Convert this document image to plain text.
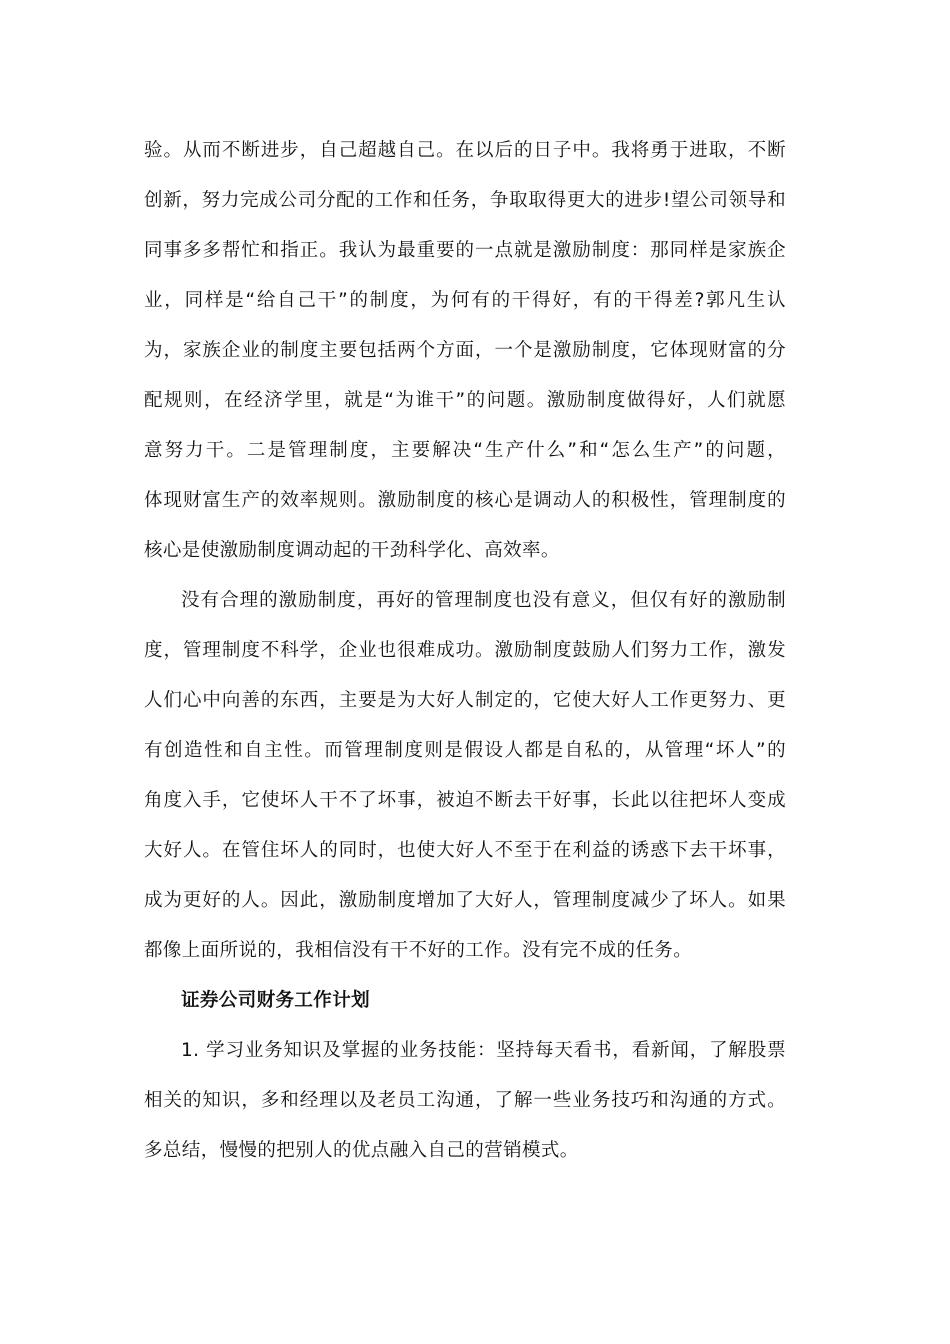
验。从而不断进步，自己超越自己。在以后的日子中。我将勇于进取，不断
创新，努力完成公司分配的工作和任务，争取取得更大的进步!望公司领导和
同事多多帮忙和指正。我认为最重要的一点就是激励制度：那同样是家族企
业，同样是“给自己干”的制度，为何有的干得好，有的干得差?郭凡生认
为，家族企业的制度主要包括两个方面，一个是激励制度，它体现财富的分
配规则，在经济学里，就是“为谁干”的问题。激励制度做得好，人们就愿
意努力干。二是管理制度，主要解决“生产什么”和“怎么生产”的问题，
体现财富生产的效率规则。激励制度的核心是调动人的积极性，管理制度的
核心是使激励制度调动起的干劲科学化、高效率。
没有合理的激励制度，再好的管理制度也没有意义，但仅有好的激励制
度，管理制度不科学，企业也很难成功。激励制度鼓励人们努力工作，激发
人们心中向善的东西，主要是为大好人制定的，它使大好人工作更努力、更
有创造性和自主性。而管理制度则是假设人都是自私的，从管理“坏人”的
角度入手，它使坏人干不了坏事，被迫不断去干好事，长此以往把坏人变成
大好人。在管住坏人的同时，也使大好人不至于在利益的诱惑下去干坏事，
成为更好的人。因此，激励制度增加了大好人，管理制度减少了坏人。如果
都像上面所说的，我相信没有干不好的工作。没有完不成的任务。
证券公司财务工作计划
1. 学习业务知识及掌握的业务技能：坚持每天看书，看新闻，了解股票
相关的知识，多和经理以及老员工沟通，了解一些业务技巧和沟通的方式。
多总结，慢慢的把别人的优点融入自己的营销模式。
